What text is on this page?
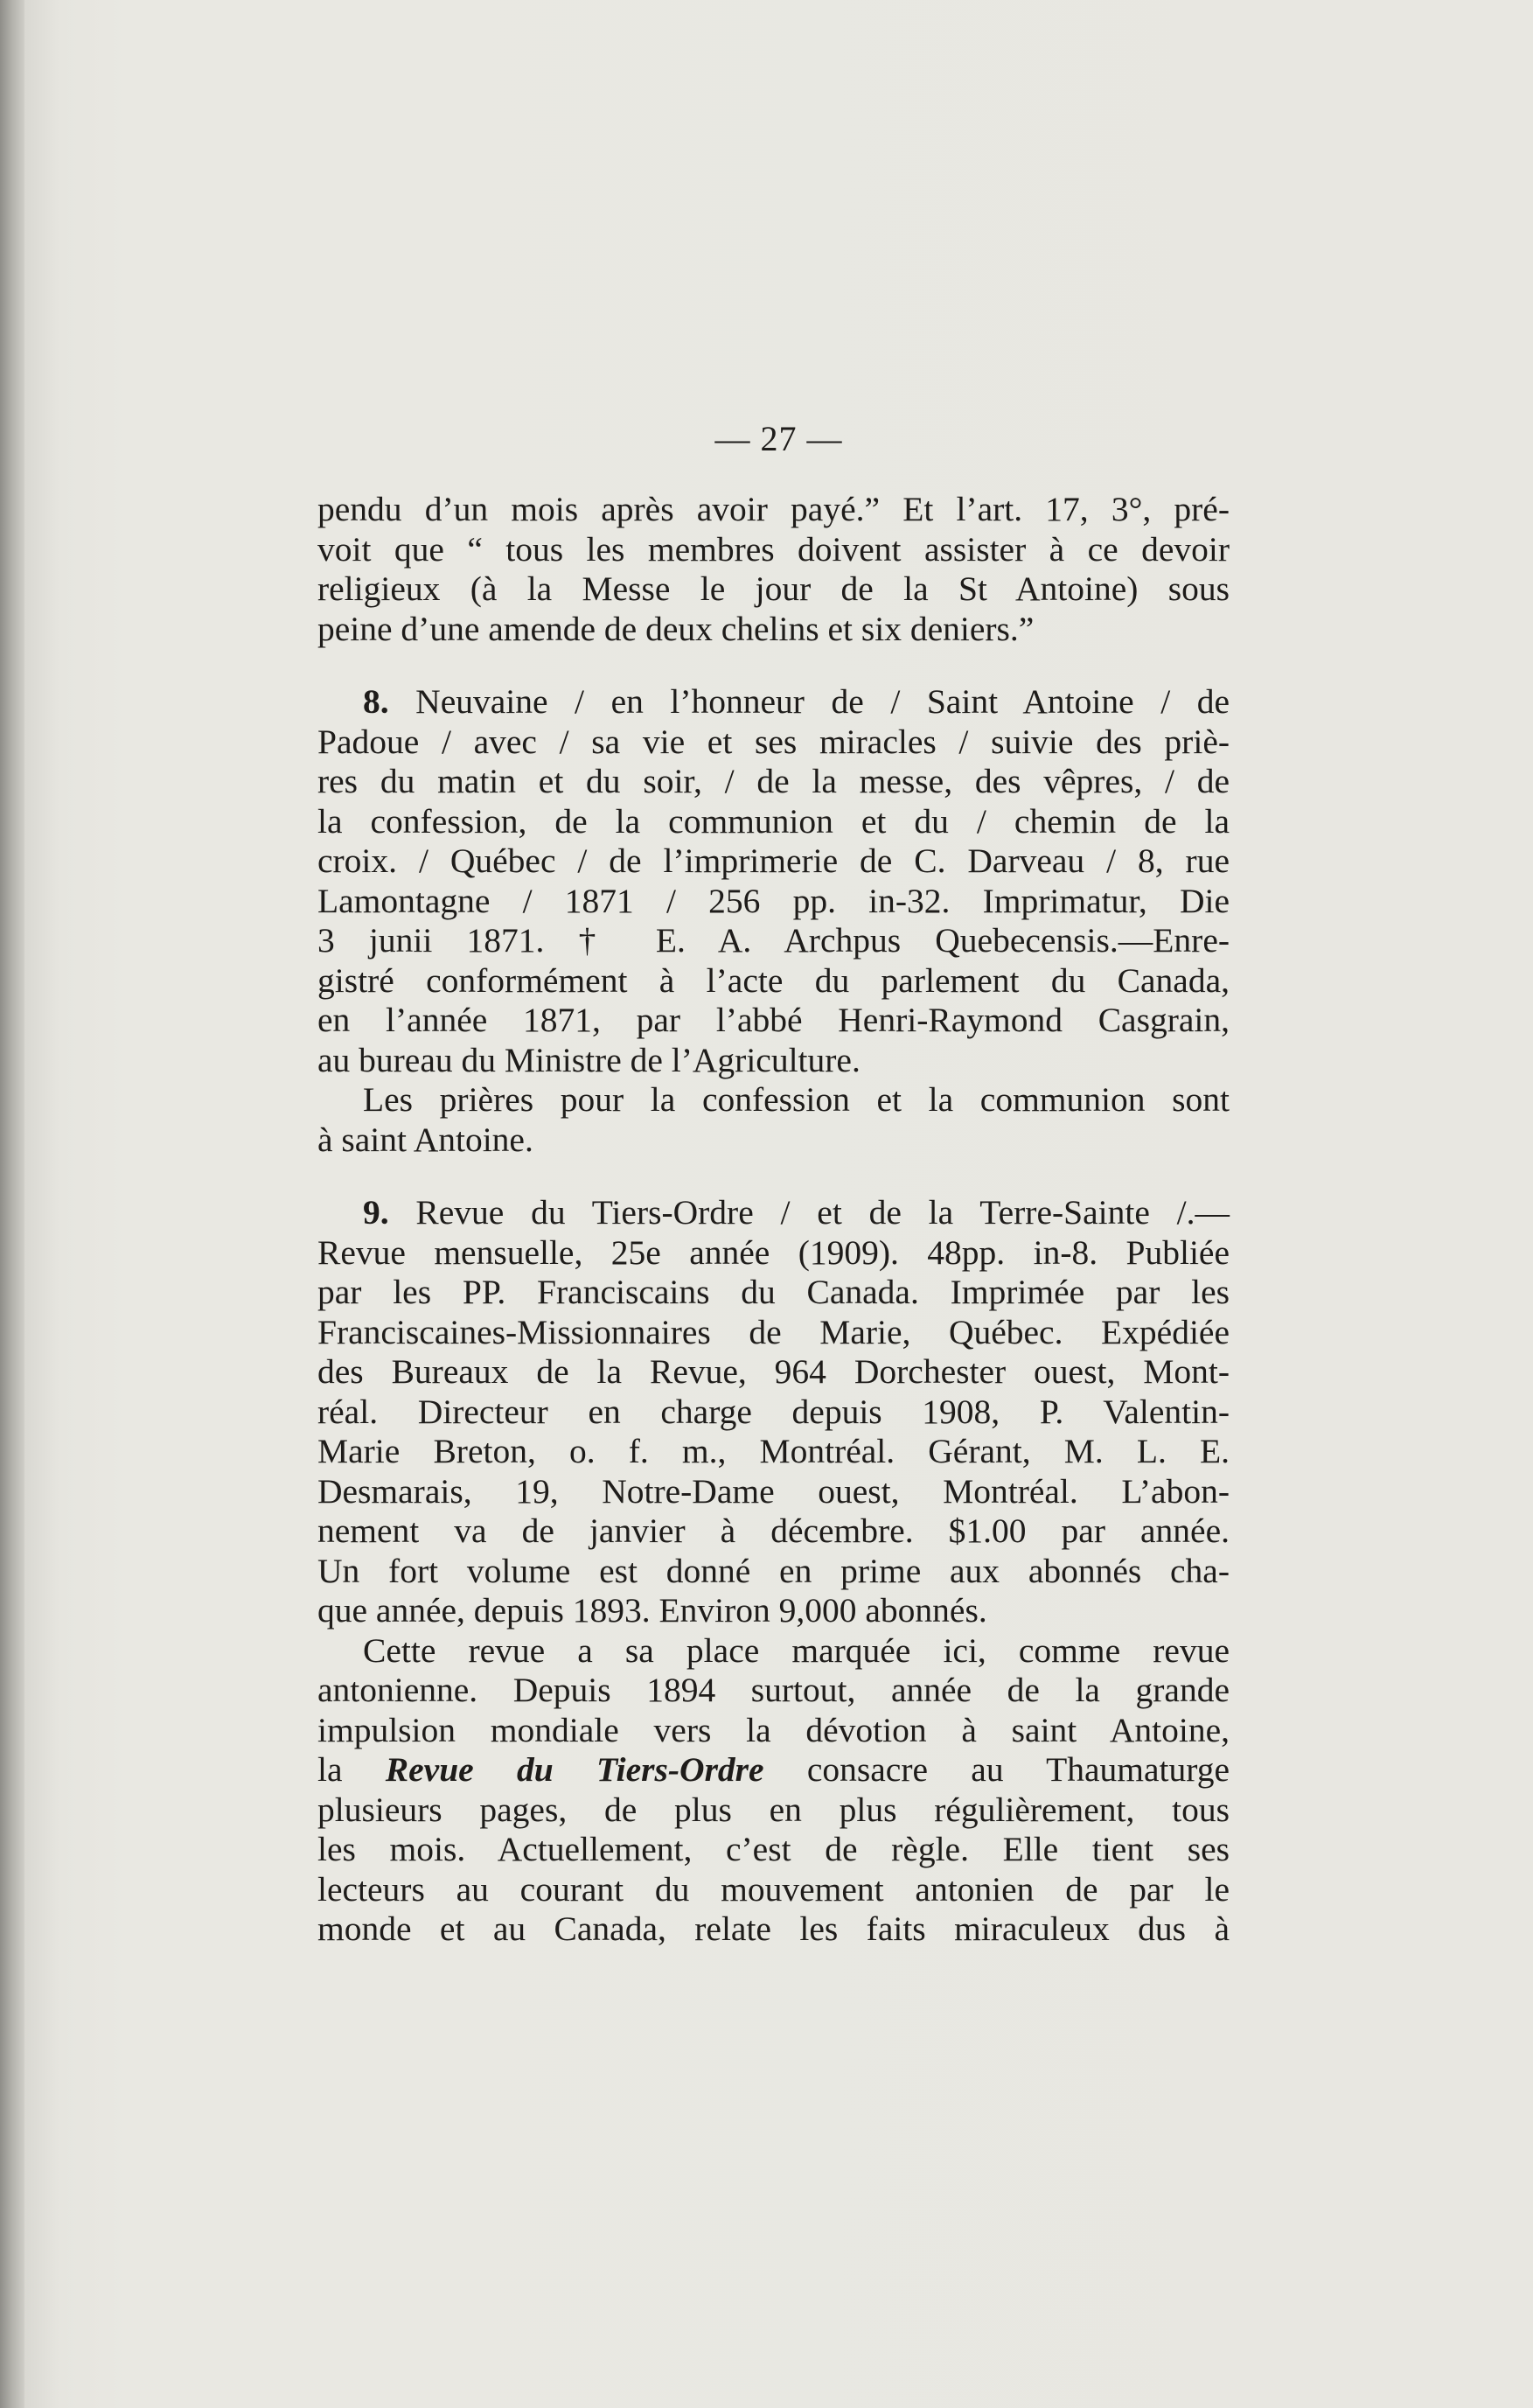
— 27 —

pendu d’un mois après avoir payé.” Et l’art. 17, 3°, pré-
voit que “ tous les membres doivent assister à ce devoir
religieux (à la Messe le jour de la St Antoine) sous
peine d’une amende de deux chelins et six deniers.”

8. Neuvaine / en l’honneur de / Saint Antoine / de
Padoue / avec / sa vie et ses miracles / suivie des priè-
res du matin et du soir, / de la messe, des vêpres, / de
la confession, de la communion et du / chemin de la
croix. / Québec / de l’imprimerie de C. Darveau / 8, rue
Lamontagne / 1871 / 256 pp. in-32. Imprimatur, Die
3 junii 1871. † E. A. Archpus Quebecensis.—Enre-
gistré conformément à l’acte du parlement du Canada,
en l’année 1871, par l’abbé Henri-Raymond Casgrain,
au bureau du Ministre de l’Agriculture.

Les prières pour la confession et la communion sont
à saint Antoine.

9. Revue du Tiers-Ordre / et de la Terre-Sainte /.—
Revue mensuelle, 25e année (1909). 48pp. in-8. Publiée
par les PP. Franciscains du Canada. Imprimée par les
Franciscaines-Missionnaires de Marie, Québec. Expédiée
des Bureaux de la Revue, 964 Dorchester ouest, Mont-
réal. Directeur en charge depuis 1908, P. Valentin-
Marie Breton, o. f. m., Montréal. Gérant, M. L. E.
Desmarais, 19, Notre-Dame ouest, Montréal. L’abon-
nement va de janvier à décembre. $1.00 par année.
Un fort volume est donné en prime aux abonnés cha-
que année, depuis 1893. Environ 9,000 abonnés.

Cette revue a sa place marquée ici, comme revue
antonienne. Depuis 1894 surtout, année de la grande
impulsion mondiale vers la dévotion à saint Antoine,
la Revue du Tiers-Ordre consacre au Thaumaturge
plusieurs pages, de plus en plus régulièrement, tous
les mois. Actuellement, c’est de règle. Elle tient ses
lecteurs au courant du mouvement antonien de par le
monde et au Canada, relate les faits miraculeux dus à
